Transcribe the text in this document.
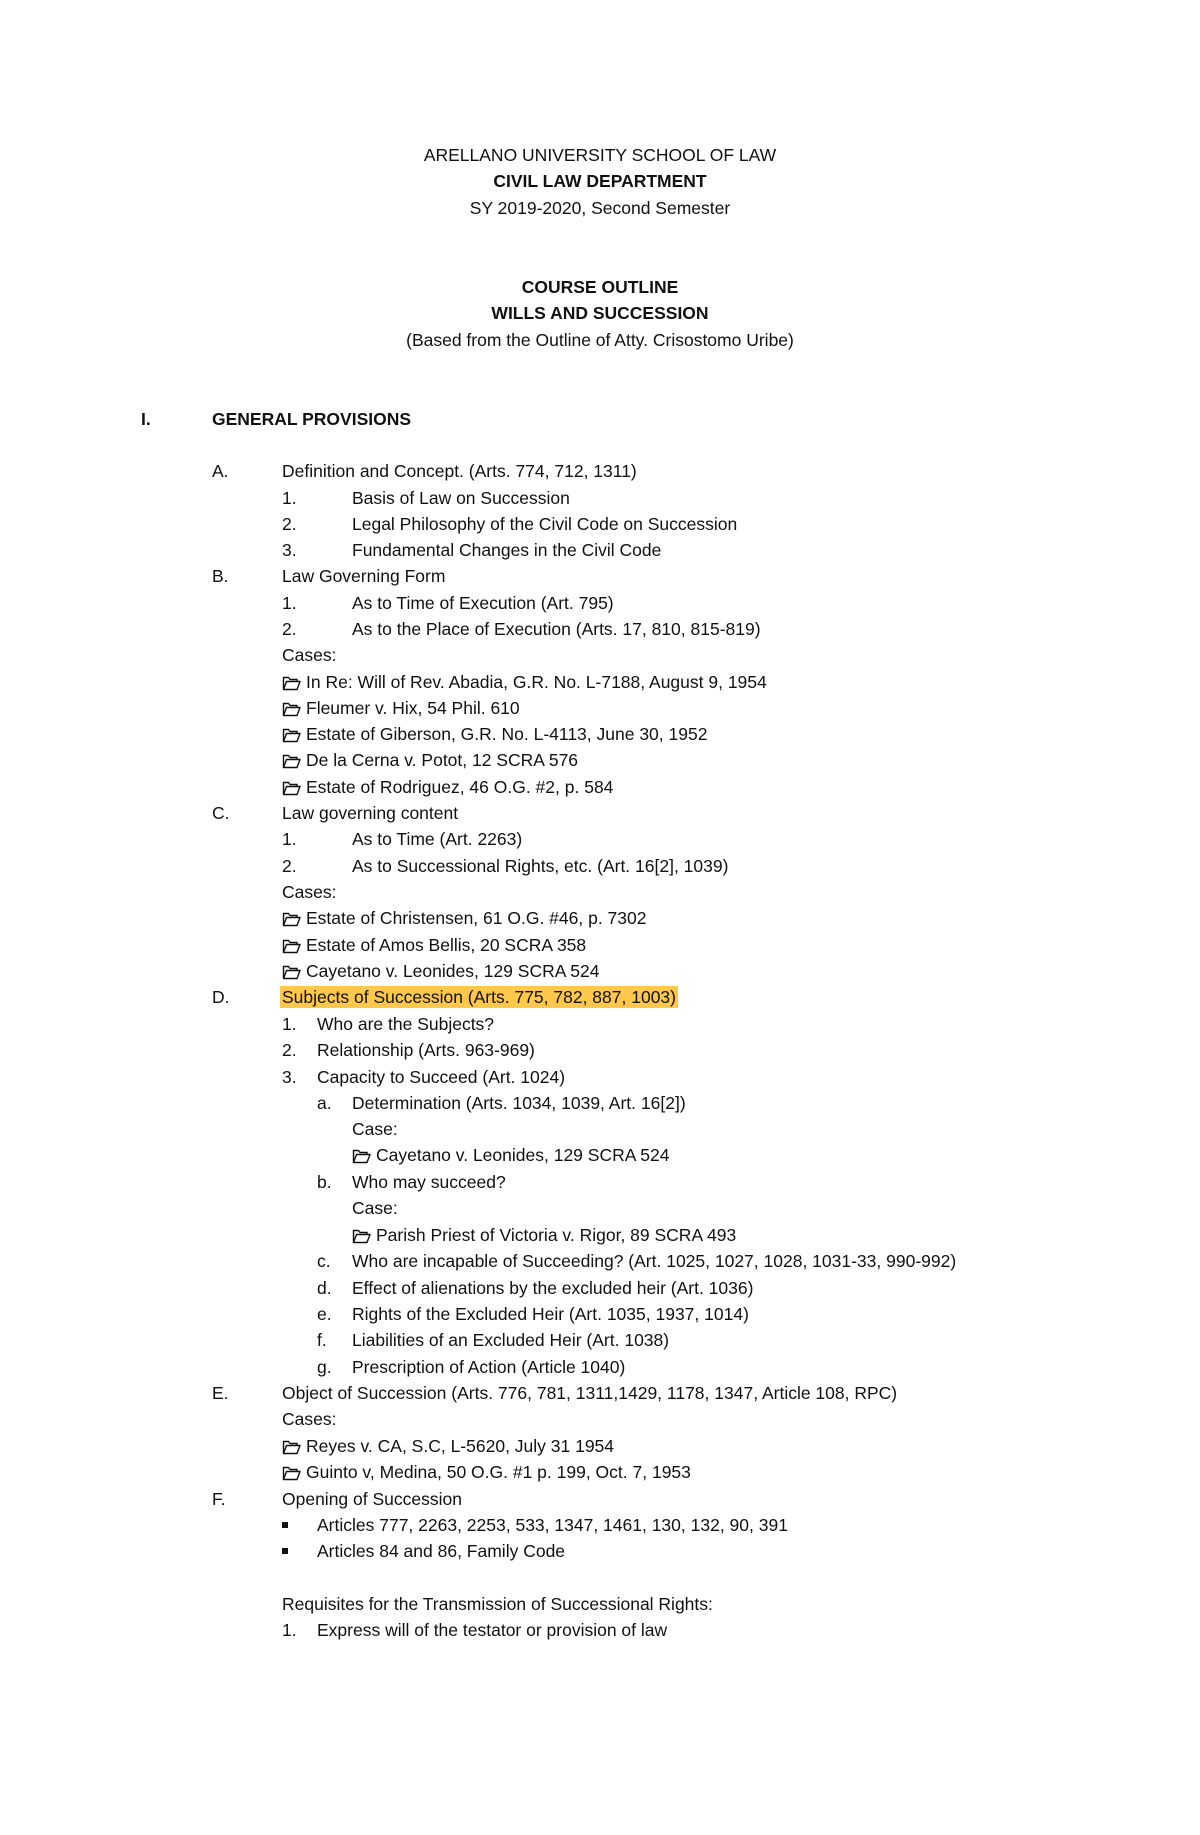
ARELLANO UNIVERSITY SCHOOL OF LAW
CIVIL LAW DEPARTMENT
SY 2019-2020, Second Semester
COURSE OUTLINE
WILLS AND SUCCESSION
(Based from the Outline of Atty. Crisostomo Uribe)
I.	GENERAL PROVISIONS
A.	Definition and Concept. (Arts. 774, 712, 1311)
1.	Basis of Law on Succession
2.	Legal Philosophy of the Civil Code on Succession
3.	Fundamental Changes in the Civil Code
B.	Law Governing Form
1.	As to Time of Execution (Art. 795)
2.	As to the Place of Execution (Arts. 17, 810, 815-819)
Cases:
In Re: Will of Rev. Abadia, G.R. No. L-7188, August 9, 1954
Fleumer v. Hix, 54 Phil. 610
Estate of Giberson, G.R. No. L-4113, June 30, 1952
De la Cerna v. Potot, 12 SCRA 576
Estate of Rodriguez, 46 O.G. #2, p. 584
C.	Law governing content
1.	As to Time (Art. 2263)
2.	As to Successional Rights, etc. (Art. 16[2], 1039)
Cases:
Estate of Christensen, 61 O.G. #46, p. 7302
Estate of Amos Bellis, 20 SCRA 358
Cayetano v. Leonides, 129 SCRA 524
D.	Subjects of Succession (Arts. 775, 782, 887, 1003)
1. Who are the Subjects?
2. Relationship (Arts. 963-969)
3. Capacity to Succeed (Art. 1024)
a. Determination (Arts. 1034, 1039, Art. 16[2])
Case:
Cayetano v. Leonides, 129 SCRA 524
b. Who may succeed?
Case:
Parish Priest of Victoria v. Rigor, 89 SCRA 493
c. Who are incapable of Succeeding? (Art. 1025, 1027, 1028, 1031-33, 990-992)
d. Effect of alienations by the excluded heir (Art. 1036)
e. Rights of the Excluded Heir (Art. 1035, 1937, 1014)
f. Liabilities of an Excluded Heir (Art. 1038)
g. Prescription of Action (Article 1040)
E.	Object of Succession (Arts. 776, 781, 1311,1429, 1178, 1347, Article 108, RPC)
Cases:
Reyes v. CA, S.C, L-5620, July 31 1954
Guinto v, Medina, 50 O.G. #1 p. 199, Oct. 7, 1953
F.	Opening of Succession
Articles 777, 2263, 2253, 533, 1347, 1461, 130, 132, 90, 391
Articles 84 and 86, Family Code
Requisites for the Transmission of Successional Rights:
1. Express will of the testator or provision of law
